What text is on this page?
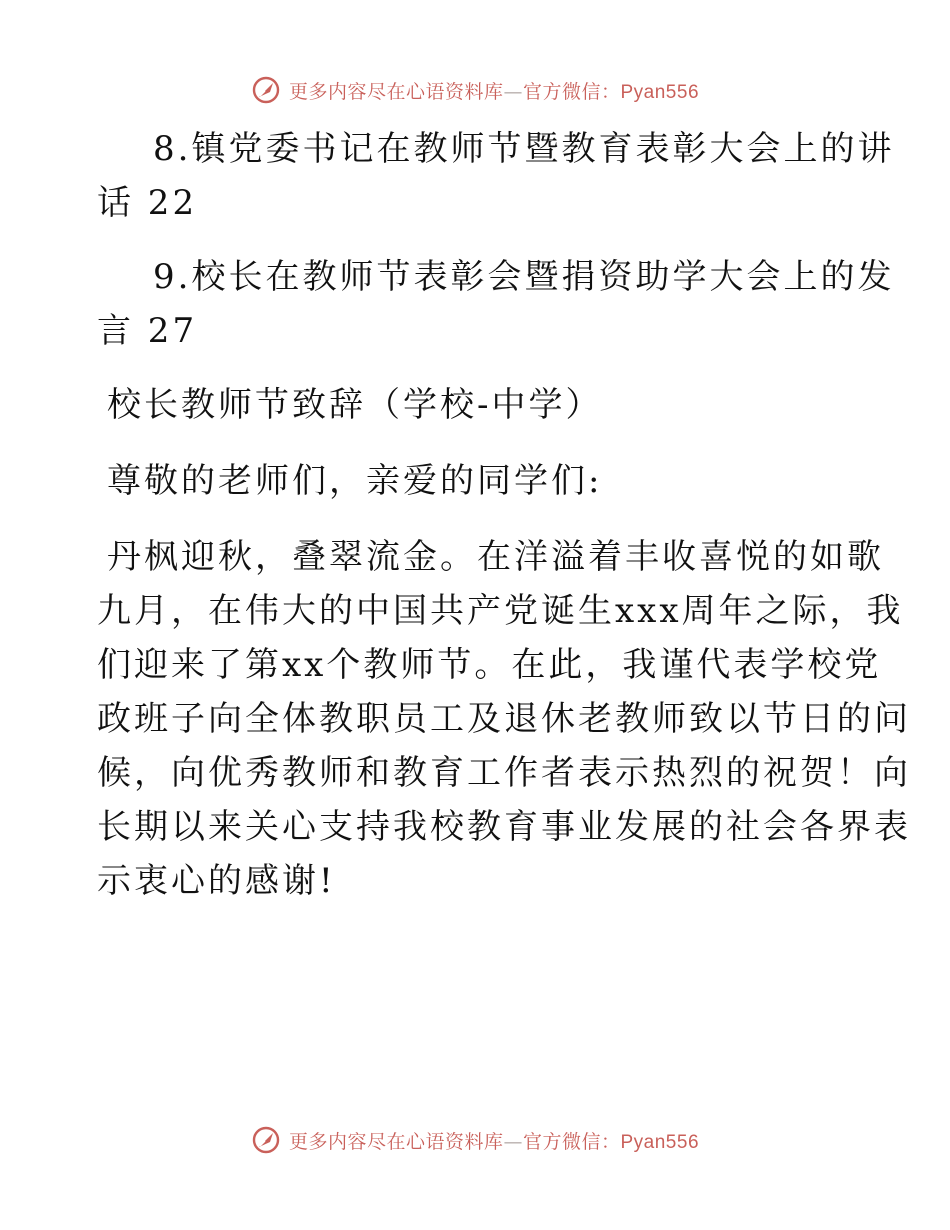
更多内容尽在心语资料库—官方微信：Pyan556
8.镇党委书记在教师节暨教育表彰大会上的讲
话 22
9.校长在教师节表彰会暨捐资助学大会上的发
言 27
校长教师节致辞（学校-中学）
尊敬的老师们，亲爱的同学们:
丹枫迎秋，叠翠流金。在洋溢着丰收喜悦的如歌
九月，在伟大的中国共产党诞生xxx周年之际，我
们迎来了第xx个教师节。在此，我谨代表学校党
政班子向全体教职员工及退休老教师致以节日的问
候，向优秀教师和教育工作者表示热烈的祝贺！向
长期以来关心支持我校教育事业发展的社会各界表
示衷心的感谢!
更多内容尽在心语资料库—官方微信：Pyan556
